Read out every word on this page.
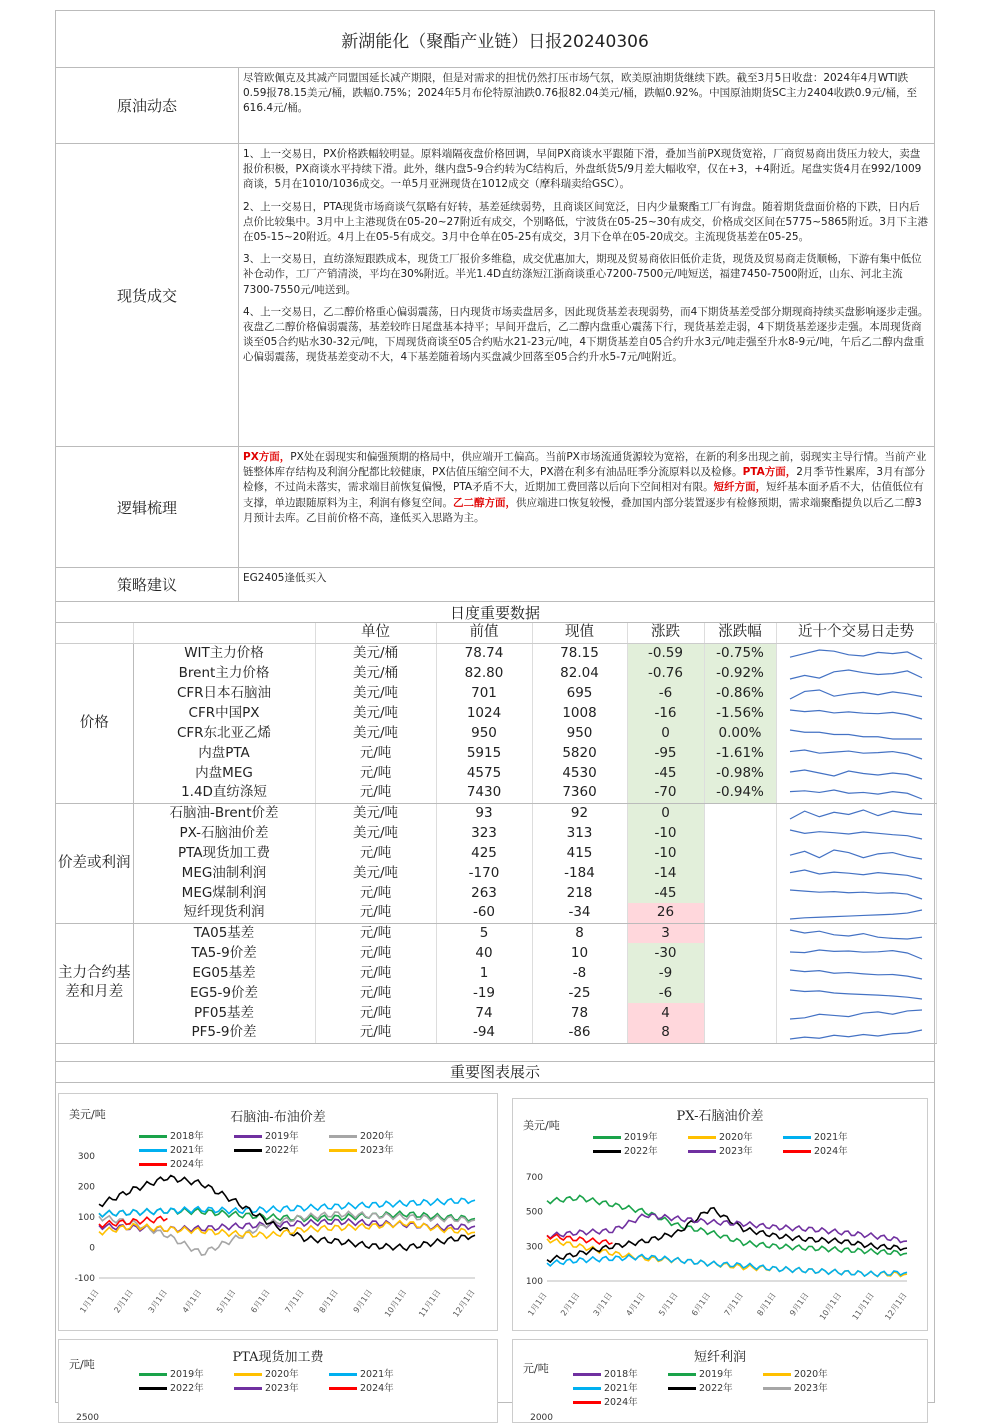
新湖能化（聚酯产业链）日报20240306
原油动态

尽管欧佩克及其减产同盟国延长减产期限，但是对需求的担忧仍然打压市场气氛，欧美原油期货继续下跌。截至3月5日收盘：2024年4月WTI跌0.59报78.15美元/桶，跌幅0.75%；2024年5月布伦特原油跌0.76报82.04美元/桶，跌幅0.92%。中国原油期货SC主力2404收跌0.9元/桶，至616.4元/桶。

现货成交

1、上一交易日，PX价格跌幅较明显。原料端隔夜盘价格回调，早间PX商谈水平跟随下滑，叠加当前PX现货宽裕，厂商贸易商出货压力较大，卖盘报价积极，PX商谈水平持续下滑。此外，继内盘5-9合约转为C结构后，外盘纸货5/9月差大幅收窄，仅在+3，+4附近。尾盘实货4月在992/1009商谈，5月在1010/1036成交。一单5月亚洲现货在1012成交（摩科瑞卖给GSC）。

2、上一交易日，PTA现货市场商谈气氛略有好转，基差延续弱势，且商谈区间宽泛，日内少量聚酯工厂有询盘。随着期货盘面价格的下跌，日内后点价比较集中。3月中上主港现货在05-20~27附近有成交，个别略低，宁波货在05-25~30有成交，价格成交区间在5775~5865附近。3月下主港在05-15~20附近。4月上在05-5有成交。3月中仓单在05-25有成交，3月下仓单在05-20成交。主流现货基差在05-25。

3、上一交易日，直纺涤短跟跌成本，现货工厂报价多维稳，成交优惠加大，期现及贸易商依旧低价走货，现货及贸易商走货顺畅，下游有集中低位补仓动作，工厂产销清淡，平均在30%附近。半光1.4D直纺涤短江浙商谈重心7200-7500元/吨短送，福建7450-7500附近，山东、河北主流7300-7550元/吨送到。

4、上一交易日，乙二醇价格重心偏弱震荡，日内现货市场卖盘居多，因此现货基差表现弱势，而4下期货基差受部分期现商持续买盘影响逐步走强。夜盘乙二醇价格偏弱震荡，基差较昨日尾盘基本持平；早间开盘后，乙二醇内盘重心震荡下行，现货基差走弱，4下期货基差逐步走强。本周现货商谈至05合约贴水30-32元/吨，下周现货商谈至05合约贴水21-23元/吨，4下期货基差自05合约升水3元/吨走强至升水8-9元/吨，午后乙二醇内盘重心偏弱震荡，现货基差变动不大，4下基差随着场内买盘减少回落至05合约升水5-7元/吨附近。

逻辑梳理

PX方面，PX处在弱现实和偏强预期的格局中，供应端开工偏高。当前PX市场流通货源较为宽裕，在新的利多出现之前，弱现实主导行情。当前产业链整体库存结构及利润分配都比较健康，PX估值压缩空间不大，PX潜在利多有油品旺季分流原料以及检修。PTA方面，2月季节性累库，3月有部分检修，不过尚未落实，需求端目前恢复偏慢，PTA矛盾不大，近期加工费回落以后向下空间相对有限。短纤方面，短纤基本面矛盾不大，估值低位有支撑，单边跟随原料为主，利润有修复空间。乙二醇方面，供应端进口恢复较慢，叠加国内部分装置逐步有检修预期，需求端聚酯提负以后乙二醇3月预计去库。乙目前价格不高，逢低买入思路为主。

策略建议	EG2405逢低买入

日度重要数据
		单位	前值	现值	涨跌	涨跌幅	近十个交易日走势
价格	WIT主力价格	美元/桶	78.74	78.15	-0.59	-0.75%	

	Brent主力价格	美元/桶	82.80	82.04	-0.76	-0.92%	

	CFR日本石脑油	美元/吨	701	695	-6	-0.86%	

	CFR中国PX	美元/吨	1024	1008	-16	-1.56%	

	CFR东北亚乙烯	美元/吨	950	950	0	0.00%	

	内盘PTA	元/吨	5915	5820	-95	-1.61%	

	内盘MEG	元/吨	4575	4530	-45	-0.98%	

	1.4D直纺涤短	元/吨	7430	7360	-70	-0.94%	

价差或利润	石脑油-Brent价差	美元/吨	93	92	0		

	PX-石脑油价差	美元/吨	323	313	-10		

	PTA现货加工费	元/吨	425	415	-10		

	MEG油制利润	美元/吨	-170	-184	-14		

	MEG煤制利润	元/吨	263	218	-45		

	短纤现货利润	元/吨	-60	-34	26		

主力合约基差和月差	TA05基差	元/吨	5	8	3		

	TA5-9价差	元/吨	40	10	-30		

	EG05基差	元/吨	1	-8	-9		

	EG5-9价差	元/吨	-19	-25	-6		

	PF05基差	元/吨	74	78	4		

	PF5-9价差	元/吨	-94	-86	8		
重要图表展示
石脑油-布油价差
美元/吨
300
200
100
0
-100
1月1日 2月1日 3月1日 4月1日 5月1日 6月1日 7月1日 8月1日 9月1日 10月1日 11月1日 12月1日
2018年	2019年	2020年2021年	2022年	2023年2024年
PX-石脑油价差
美元/吨
700
500
300
100
1月1日 2月1日 3月1日 4月1日 5月1日 6月1日 7月1日 8月1日 9月1日 10月1日 11月1日 12月1日
2019年	2020年	2021年2022年	2023年	2024年
PTA现货加工费
元/吨
2500
2019年	2020年	2021年2022年	2023年	2024年
短纤利润
元/吨
2000
2018年	2019年	2020年2021年	2022年	2023年2024年
